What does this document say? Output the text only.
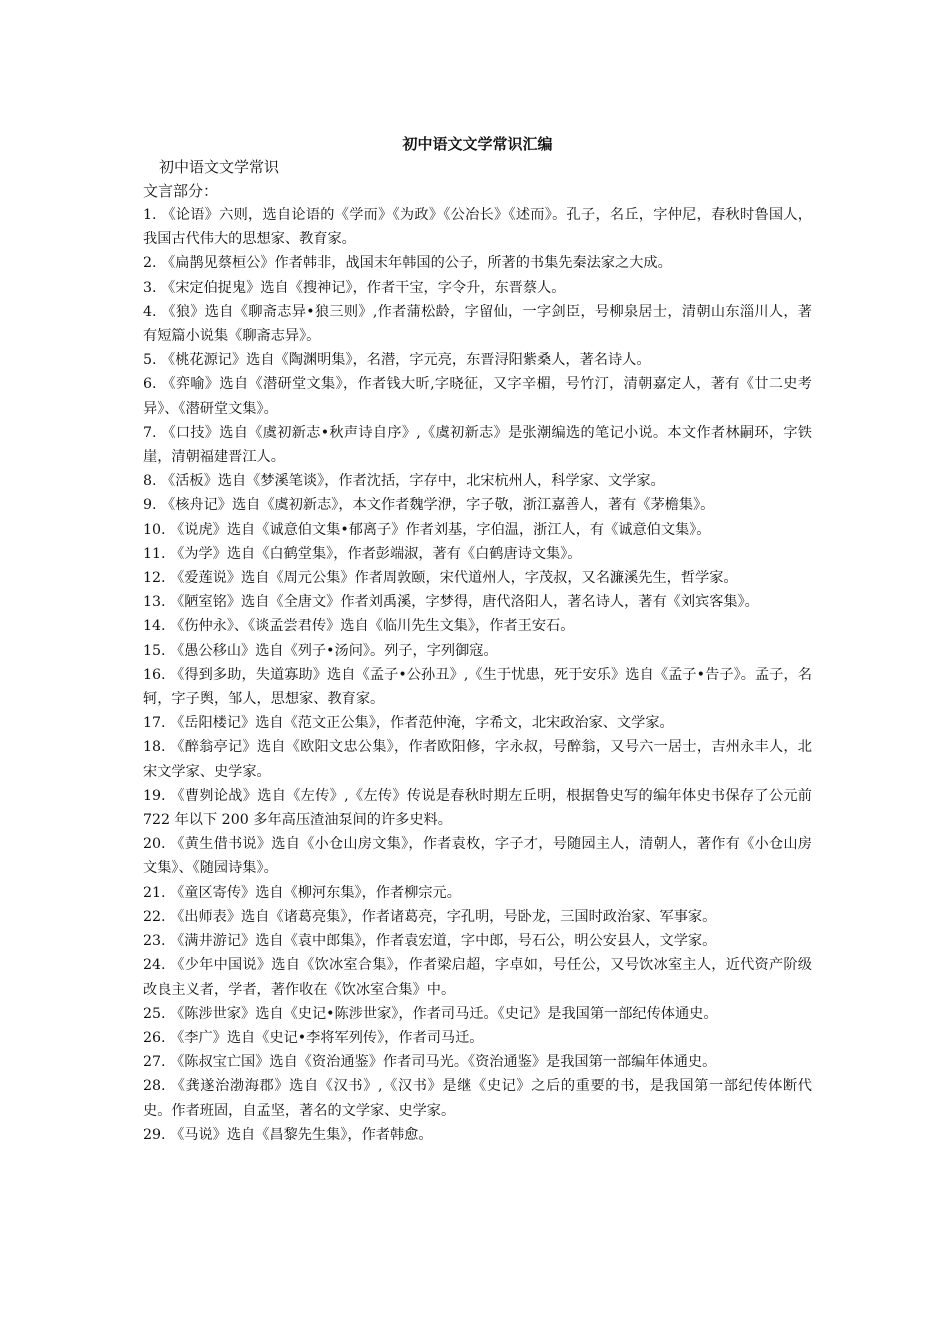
初中语文文学常识汇编

初中语文文学常识

文言部分：

1. 《论语》六则，选自论语的《学而》《为政》《公冶长》《述而》。孔子，名丘，字仲尼，春秋时鲁国人，我国古代伟大的思想家、教育家。
2. 《扁鹊见蔡桓公》作者韩非，战国末年韩国的公子，所著的书集先秦法家之大成。
3. 《宋定伯捉鬼》选自《搜神记》，作者干宝，字令升，东晋蔡人。
4. 《狼》选自《聊斋志异•狼三则》,作者蒲松龄，字留仙，一字剑臣，号柳泉居士，清朝山东淄川人，著有短篇小说集《聊斋志异》。
5. 《桃花源记》选自《陶渊明集》，名潜，字元亮，东晋浔阳紫桑人，著名诗人。
6. 《弈喻》选自《潜研堂文集》，作者钱大昕,字晓征，又字辛楣，号竹汀，清朝嘉定人，著有《廿二史考异》、《潜研堂文集》。
7. 《口技》选自《虞初新志•秋声诗自序》,《虞初新志》是张潮编选的笔记小说。本文作者林嗣环，字铁崖，清朝福建晋江人。
8. 《活板》选自《梦溪笔谈》，作者沈括，字存中，北宋杭州人，科学家、文学家。
9. 《核舟记》选自《虞初新志》，本文作者魏学洢，字子敬，浙江嘉善人，著有《茅檐集》。
10. 《说虎》选自《诚意伯文集•郁离子》作者刘基，字伯温，浙江人，有《诚意伯文集》。
11. 《为学》选自《白鹤堂集》，作者彭端淑，著有《白鹤唐诗文集》。
12. 《爱莲说》选自《周元公集》作者周敦颐，宋代道州人，字茂叔，又名濂溪先生，哲学家。
13. 《陋室铭》选自《全唐文》作者刘禹溪，字梦得，唐代洛阳人，著名诗人，著有《刘宾客集》。
14. 《伤仲永》、《谈孟尝君传》选自《临川先生文集》，作者王安石。
15. 《愚公移山》选自《列子•汤问》。列子，字列御寇。
16. 《得到多助，失道寡助》选自《孟子•公孙丑》,《生于忧患，死于安乐》选自《孟子•告子》。孟子，名轲，字子舆，邹人，思想家、教育家。
17. 《岳阳楼记》选自《范文正公集》，作者范仲淹，字希文，北宋政治家、文学家。
18. 《醉翁亭记》选自《欧阳文忠公集》，作者欧阳修，字永叔，号醉翁，又号六一居士，吉州永丰人，北宋文学家、史学家。
19. 《曹刿论战》选自《左传》,《左传》传说是春秋时期左丘明，根据鲁史写的编年体史书保存了公元前 722 年以下 200 多年高压渣油泵间的许多史料。
20. 《黄生借书说》选自《小仓山房文集》，作者袁枚，字子才，号随园主人，清朝人，著作有《小仓山房文集》、《随园诗集》。
21. 《童区寄传》选自《柳河东集》，作者柳宗元。
22. 《出师表》选自《诸葛亮集》，作者诸葛亮，字孔明，号卧龙，三国时政治家、军事家。
23. 《满井游记》选自《袁中郎集》，作者袁宏道，字中郎，号石公，明公安县人，文学家。
24. 《少年中国说》选自《饮冰室合集》，作者梁启超，字卓如，号任公，又号饮冰室主人，近代资产阶级改良主义者，学者，著作收在《饮冰室合集》中。
25. 《陈涉世家》选自《史记•陈涉世家》，作者司马迁。《史记》是我国第一部纪传体通史。
26. 《李广》选自《史记•李将军列传》，作者司马迁。
27. 《陈叔宝亡国》选自《资治通鉴》作者司马光。《资治通鉴》是我国第一部编年体通史。
28. 《龚遂治渤海郡》选自《汉书》,《汉书》是继《史记》之后的重要的书，是我国第一部纪传体断代史。作者班固，自孟坚，著名的文学家、史学家。
29. 《马说》选自《昌黎先生集》，作者韩愈。
